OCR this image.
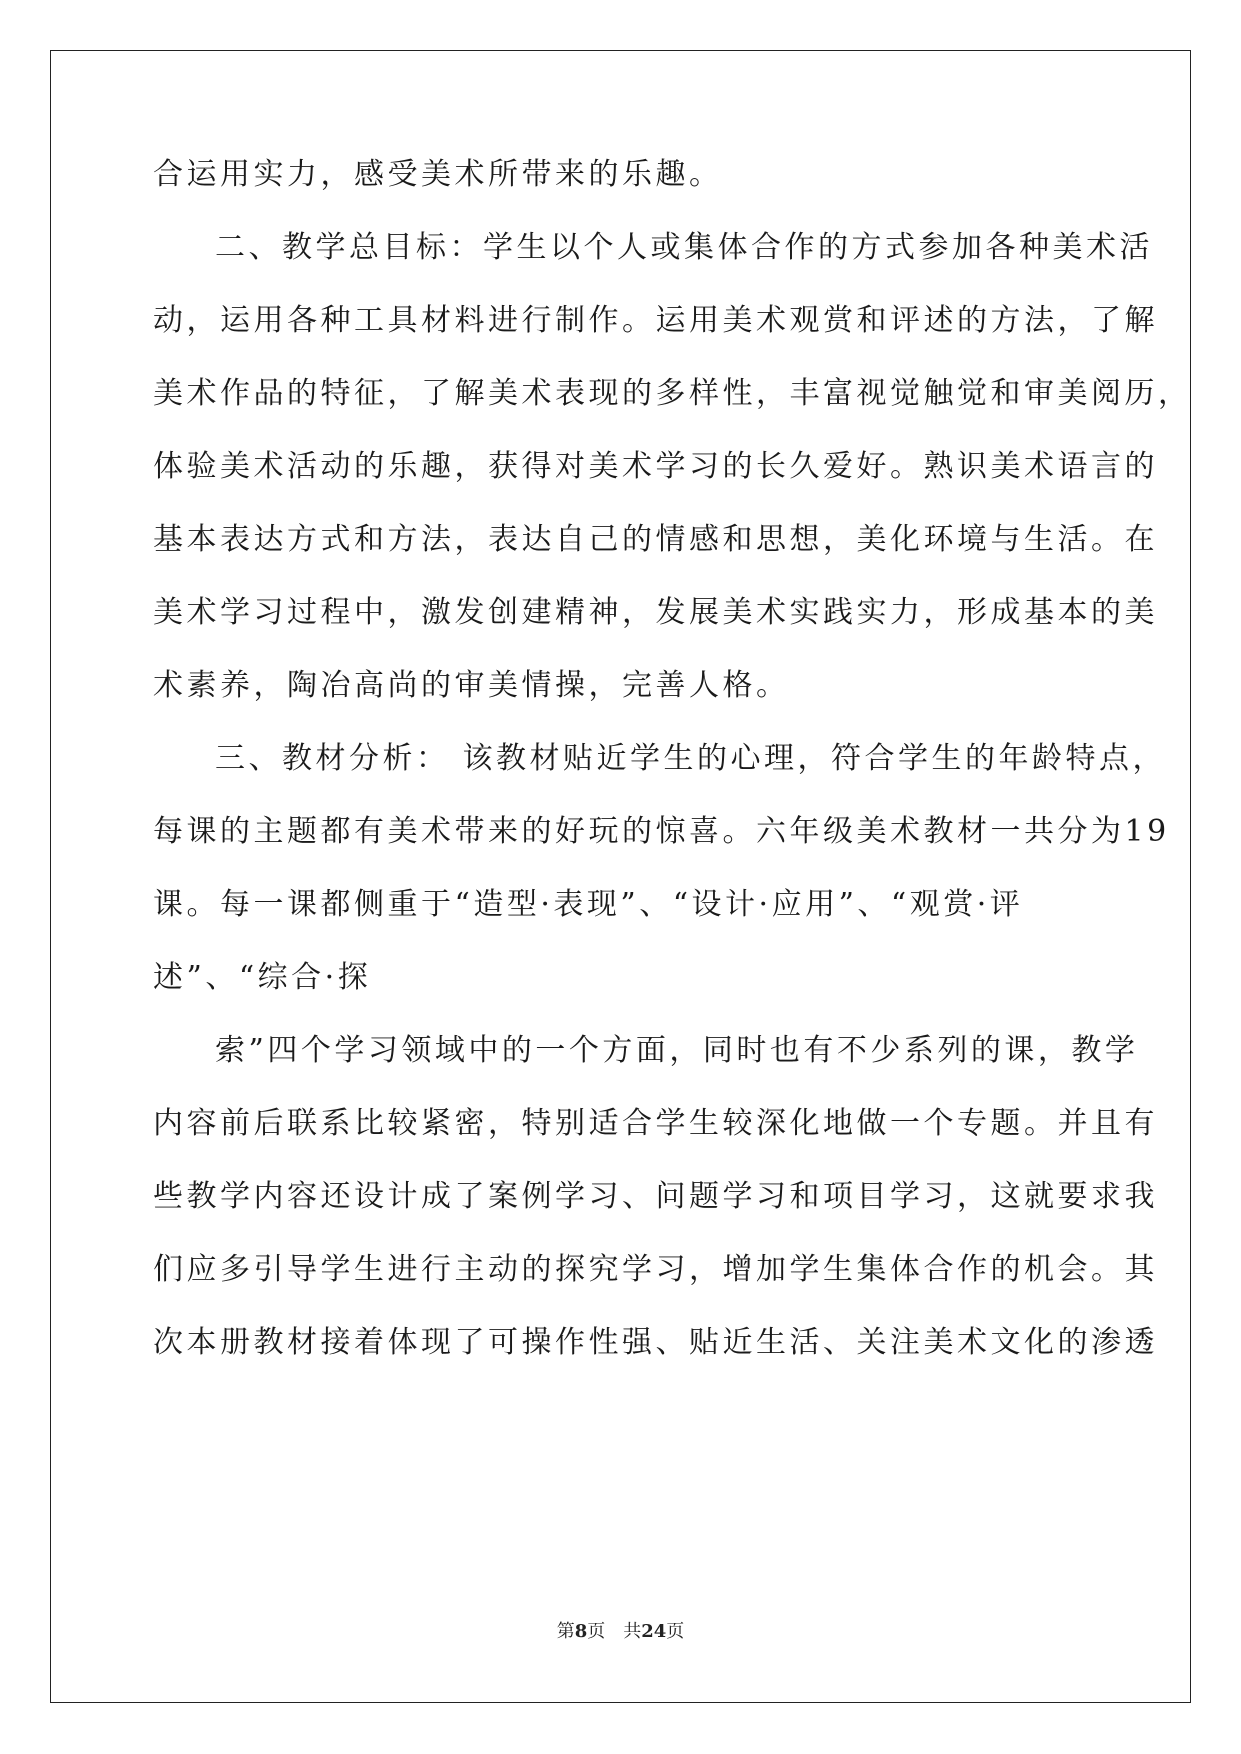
合运用实力，感受美术所带来的乐趣。

二、教学总目标：学生以个人或集体合作的方式参加各种美术活

动，运用各种工具材料进行制作。运用美术观赏和评述的方法，了解

美术作品的特征，了解美术表现的多样性，丰富视觉触觉和审美阅历，

体验美术活动的乐趣，获得对美术学习的长久爱好。熟识美术语言的

基本表达方式和方法，表达自己的情感和思想，美化环境与生活。在

美术学习过程中，激发创建精神，发展美术实践实力，形成基本的美

术素养，陶冶高尚的审美情操，完善人格。

三、教材分析： 该教材贴近学生的心理，符合学生的年龄特点，

每课的主题都有美术带来的好玩的惊喜。六年级美术教材一共分为19

课。每一课都侧重于“造型·表现”、“设计·应用”、“观赏·评

述”、“综合·探

索”四个学习领域中的一个方面，同时也有不少系列的课，教学

内容前后联系比较紧密，特别适合学生较深化地做一个专题。并且有

些教学内容还设计成了案例学习、问题学习和项目学习，这就要求我

们应多引导学生进行主动的探究学习，增加学生集体合作的机会。其

次本册教材接着体现了可操作性强、贴近生活、关注美术文化的渗透

第8页 共24页
